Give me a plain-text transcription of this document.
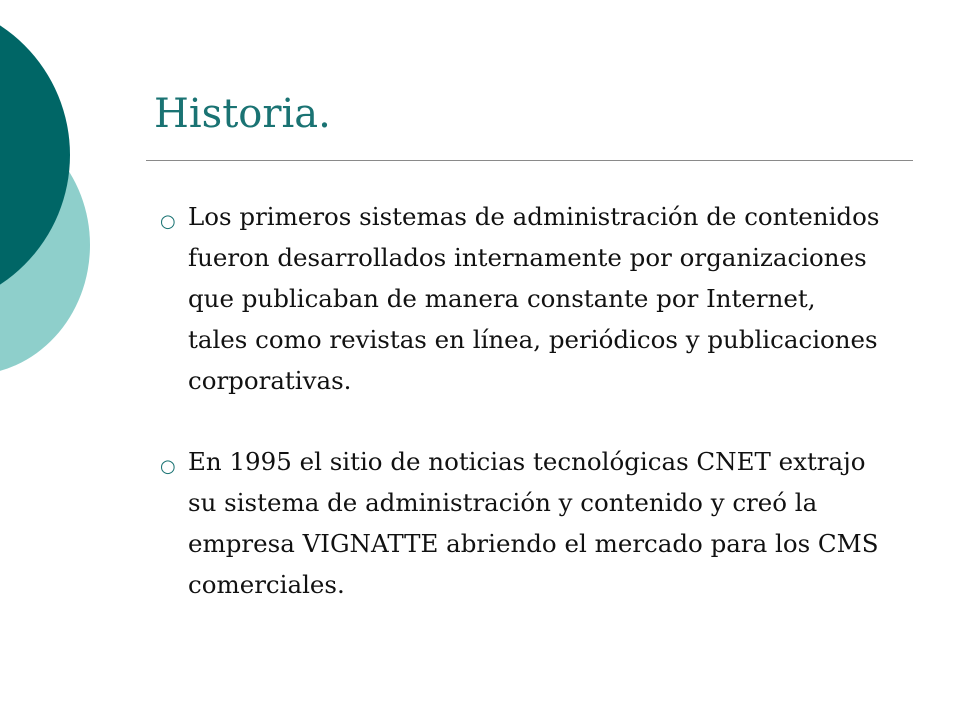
Historia.
○ Los primeros sistemas de administración de contenidos fueron desarrollados internamente por organizaciones que publicaban de manera constante por Internet, tales como revistas en línea, periódicos y publicaciones corporativas.
○ En 1995 el sitio de noticias tecnológicas CNET extrajo su sistema de administración y contenido y creó la empresa VIGNATTE abriendo el mercado para los CMS comerciales.
